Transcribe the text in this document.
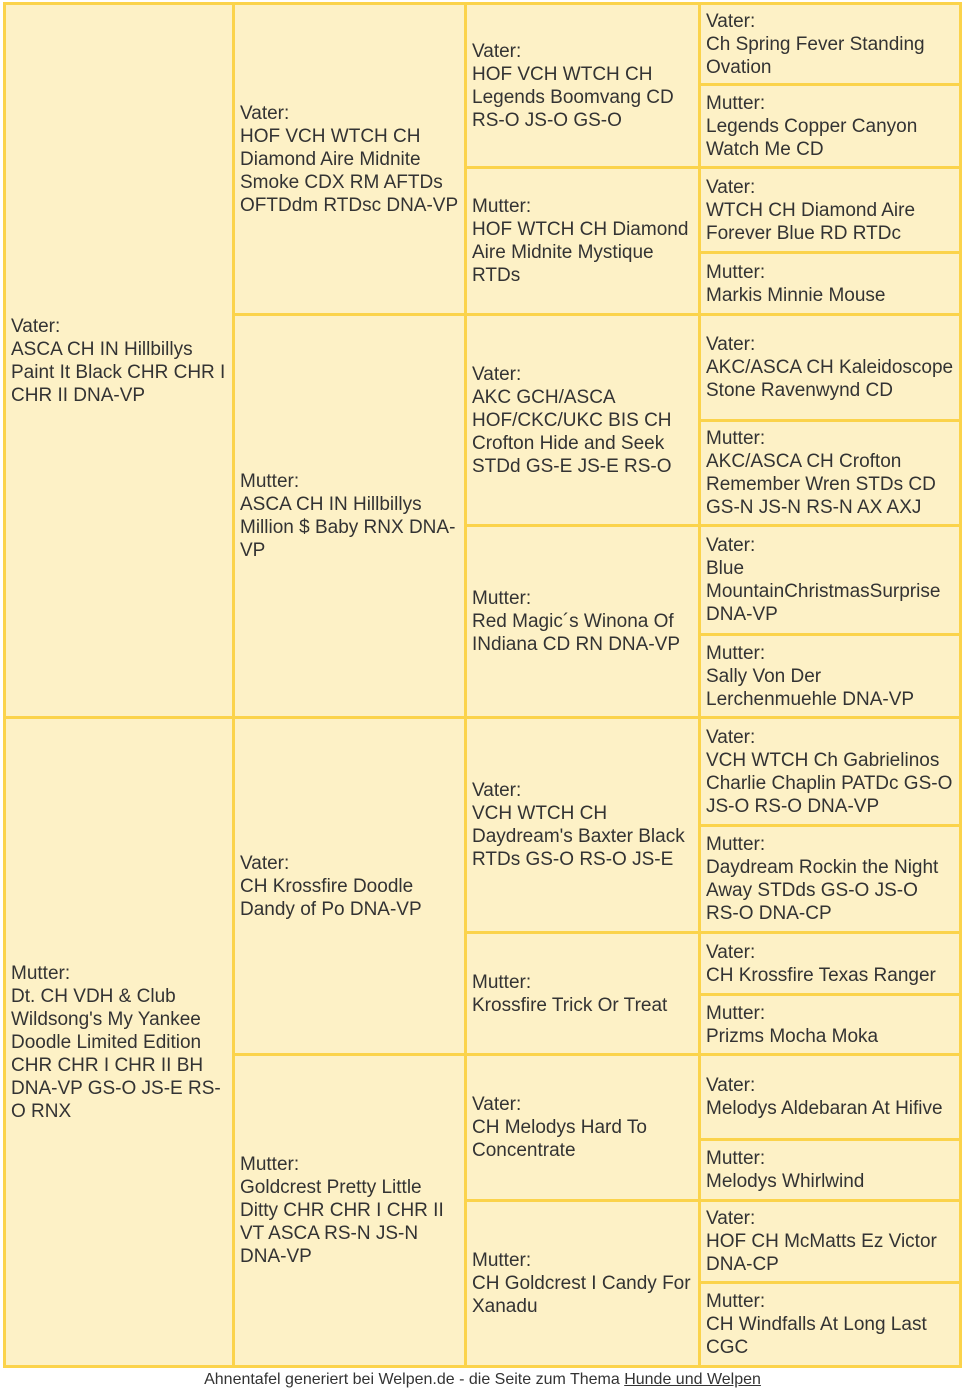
Vater:
ASCA CH IN Hillbillys Paint It Black CHR CHR I CHR II DNA-VP
Mutter:
Dt. CH VDH & Club Wildsong's My Yankee Doodle Limited Edition CHR CHR I CHR II BH DNA-VP GS-O JS-E RS-O RNX
Vater:
HOF VCH WTCH CH Diamond Aire Midnite Smoke CDX RM AFTDs OFTDdm RTDsc DNA-VP
Mutter:
ASCA CH IN Hillbillys Million $ Baby RNX DNA-VP
Vater:
CH Krossfire Doodle Dandy of Po DNA-VP
Mutter:
Goldcrest Pretty Little Ditty CHR CHR I CHR II VT ASCA RS-N JS-N DNA-VP
Vater:
HOF VCH WTCH CH Legends Boomvang CD RS-O JS-O GS-O
Mutter:
HOF WTCH CH Diamond Aire Midnite Mystique RTDs
Vater:
AKC GCH/ASCA HOF/CKC/UKC BIS CH Crofton Hide and Seek STDd GS-E JS-E RS-O
Mutter:
Red Magic´s Winona Of INdiana CD RN DNA-VP
Vater:
VCH WTCH CH Daydream's Baxter Black RTDs GS-O RS-O JS-E
Mutter:
Krossfire Trick Or Treat
Vater:
CH Melodys Hard To Concentrate
Mutter:
CH Goldcrest I Candy For Xanadu
Vater:
Ch Spring Fever Standing Ovation
Mutter:
Legends Copper Canyon Watch Me CD
Vater:
WTCH CH Diamond Aire Forever Blue RD RTDc
Mutter:
Markis Minnie Mouse
Vater:
AKC/ASCA CH Kaleidoscope Stone Ravenwynd CD
Mutter:
AKC/ASCA CH Crofton Remember Wren STDs CD GS-N JS-N RS-N AX AXJ
Vater:
Blue MountainChristmasSurprise DNA-VP
Mutter:
Sally Von Der Lerchenmuehle DNA-VP
Vater:
VCH WTCH Ch Gabrielinos Charlie Chaplin PATDc GS-O JS-O RS-O DNA-VP
Mutter:
Daydream Rockin the Night Away STDds GS-O JS-O RS-O DNA-CP
Vater:
CH Krossfire Texas Ranger
Mutter:
Prizms Mocha Moka
Vater:
Melodys Aldebaran At Hifive
Mutter:
Melodys Whirlwind
Vater:
HOF CH McMatts Ez Victor DNA-CP
Mutter:
CH Windfalls At Long Last CGC
Ahnentafel generiert bei Welpen.de - die Seite zum Thema Hunde und Welpen
